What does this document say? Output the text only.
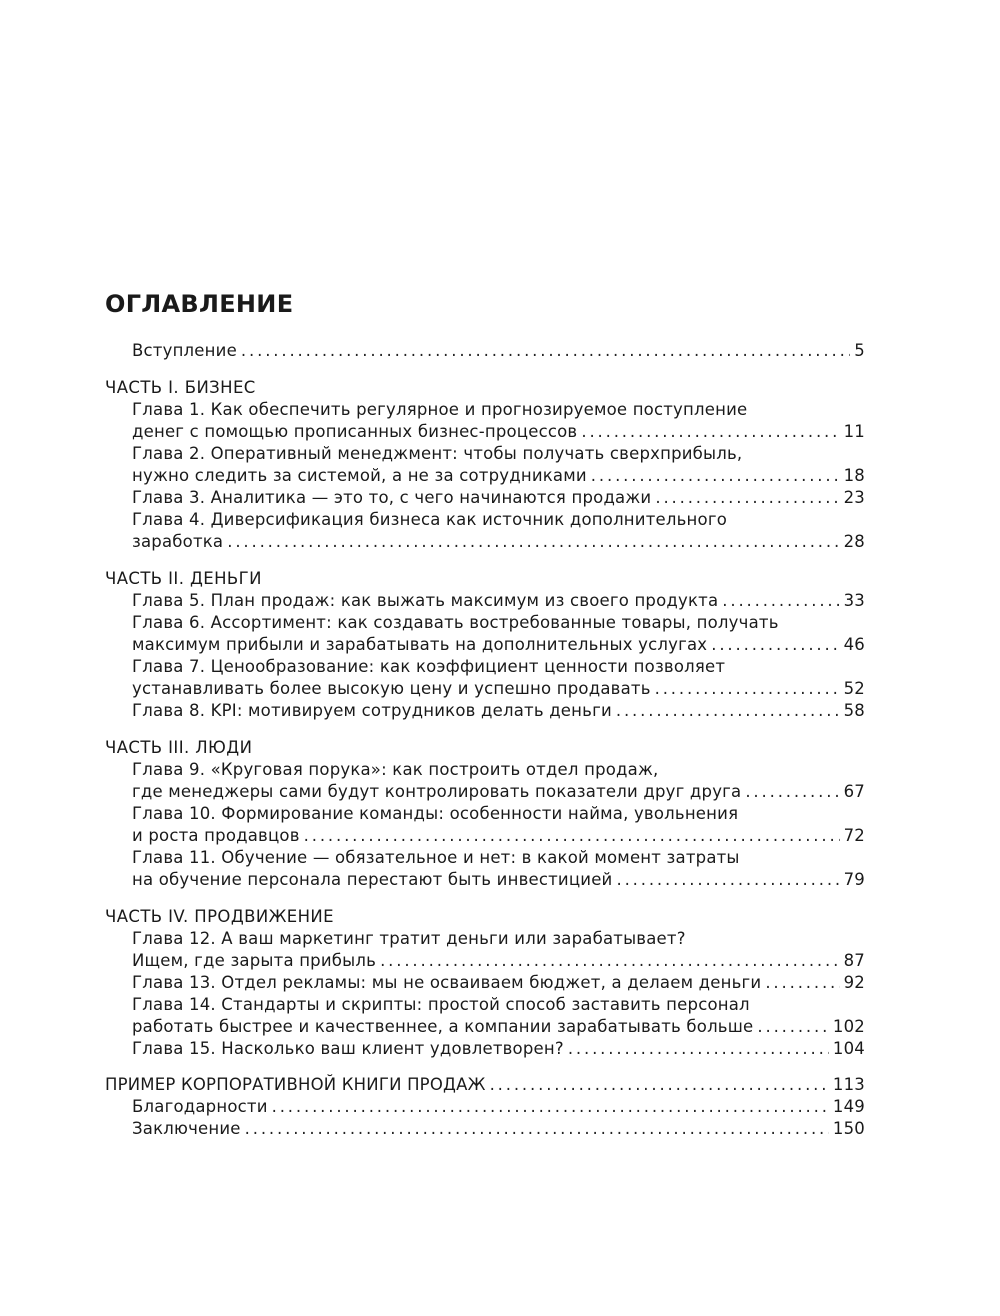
ОГЛАВЛЕНИЕ
Вступление . . .	5
ЧАСТЬ I. БИЗНЕС
Глава 1. Как обеспечить регулярное и прогнозируемое поступление
денег с помощью прописанных бизнес-процессов . . .	11
Глава 2. Оперативный менеджмент: чтобы получать сверхприбыль,
нужно следить за системой, а не за сотрудниками . . .	18
Глава 3. Аналитика — это то, с чего начинаются продажи . . .	23
Глава 4. Диверсификация бизнеса как источник дополнительного
заработка . . .	28
ЧАСТЬ II. ДЕНЬГИ
Глава 5. План продаж: как выжать максимум из своего продукта . . .	33
Глава 6. Ассортимент: как создавать востребованные товары, получать
максимум прибыли и зарабатывать на дополнительных услугах . . .	46
Глава 7. Ценообразование: как коэффициент ценности позволяет
устанавливать более высокую цену и успешно продавать . . .	52
Глава 8. KPI: мотивируем сотрудников делать деньги . . .	58
ЧАСТЬ III. ЛЮДИ
Глава 9. «Круговая порука»: как построить отдел продаж,
где менеджеры сами будут контролировать показатели друг друга . . .	67
Глава 10. Формирование команды: особенности найма, увольнения
и роста продавцов . . .	72
Глава 11. Обучение — обязательное и нет: в какой момент затраты
на обучение персонала перестают быть инвестицией . . .	79
ЧАСТЬ IV. ПРОДВИЖЕНИЕ
Глава 12. А ваш маркетинг тратит деньги или зарабатывает?
Ищем, где зарыта прибыль . . .	87
Глава 13. Отдел рекламы: мы не осваиваем бюджет, а делаем деньги . . .	92
Глава 14. Стандарты и скрипты: простой способ заставить персонал
работать быстрее и качественнее, а компании зарабатывать больше . . .	102
Глава 15. Насколько ваш клиент удовлетворен? . . .	104
ПРИМЕР КОРПОРАТИВНОЙ КНИГИ ПРОДАЖ . . .	113
Благодарности . . .	149
Заключение . . .	150
